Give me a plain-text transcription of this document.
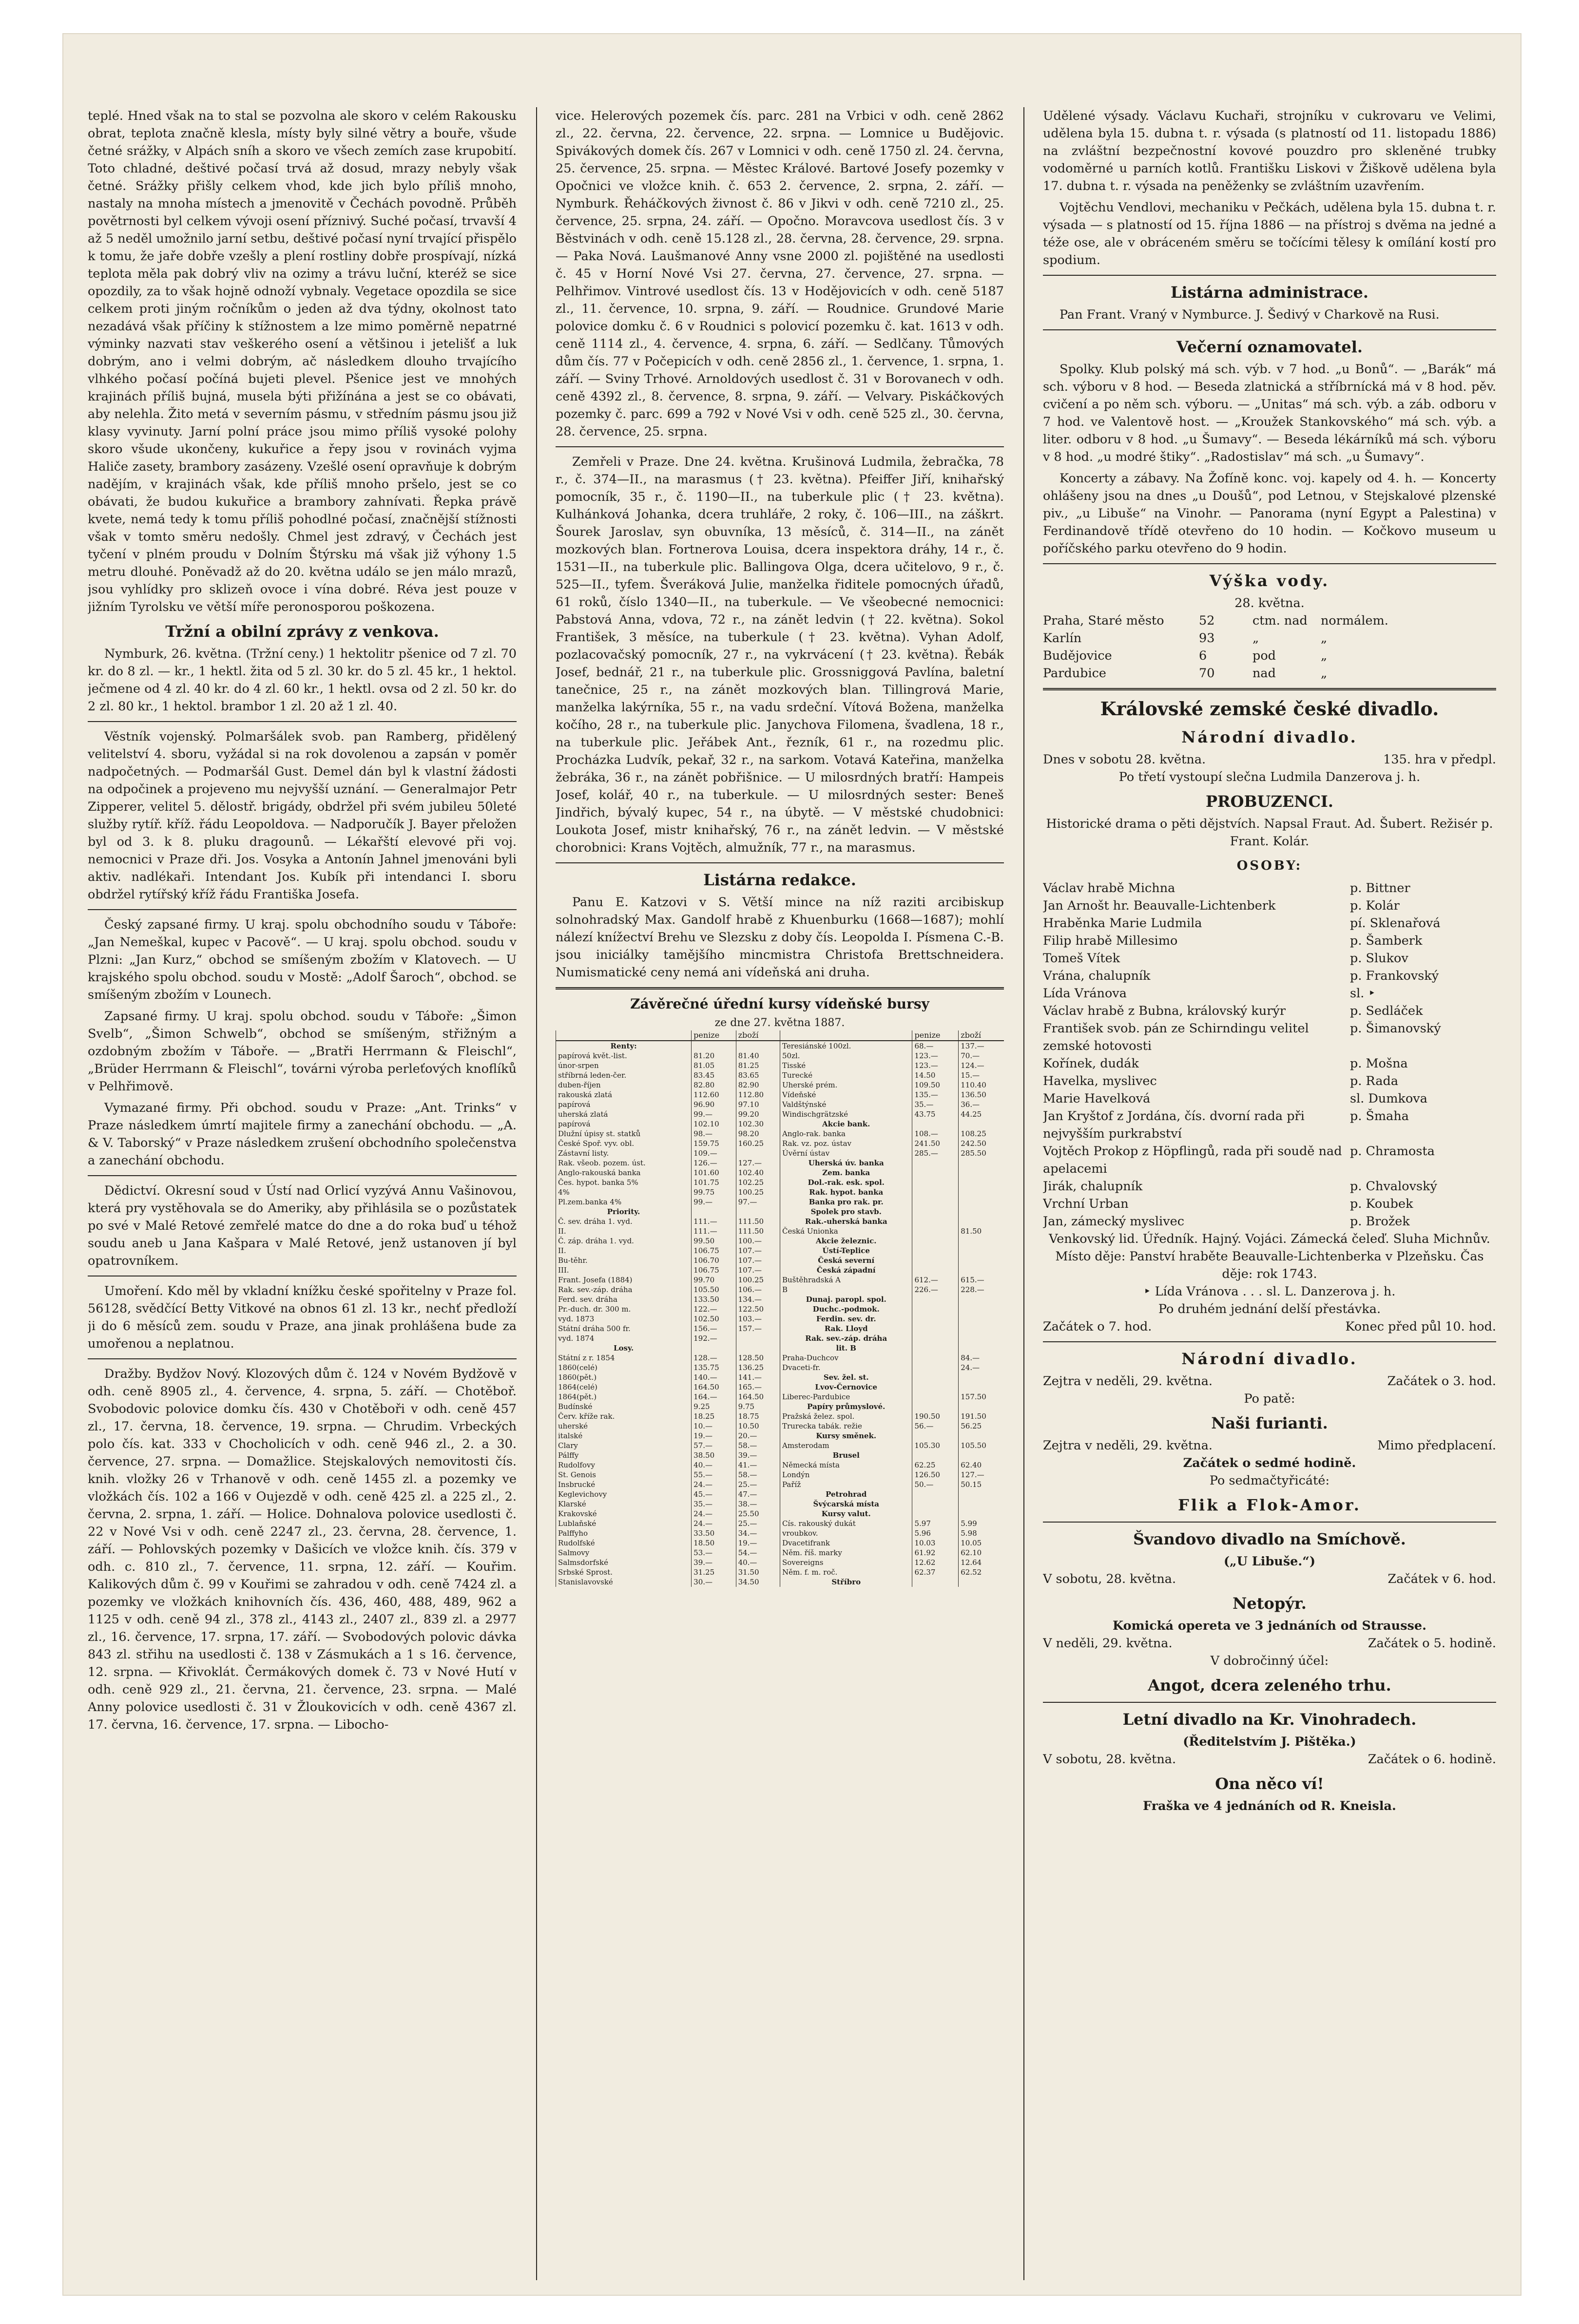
teplé. Hned však na to stal se pozvolna ale skoro v celém Rakousku obrat, teplota značně klesla, místy byly silné větry a bouře, všude četné srážky, v Alpách sníh a skoro ve všech zemích zase krupobití. Toto chladné, deštivé počasí trvá až dosud, mrazy nebyly však četné. Srážky přišly celkem vhod, kde jich bylo příliš mnoho, nastaly na mnoha místech a jmenovitě v Čechách povodně. Průběh povětrnosti byl celkem vývoji osení příznivý. Suché počasí, trvavší 4 až 5 neděl umožnilo jarní setbu, deštivé počasí nyní trvající přispělo k tomu, že jaře dobře vzešly a plení rostliny dobře prospívají, nízká teplota měla pak dobrý vliv na ozimy a trávu luční, kteréž se sice opozdily, za to však hojně odnoží vybnaly. Vegetace opozdila se sice celkem proti jiným ročníkům o jeden až dva týdny, okolnost tato nezadává však příčiny k stížnostem a lze mimo poměrně nepatrné výminky nazvati stav veškerého osení a většinou i jetelišť a luk dobrým, ano i velmi dobrým, ač následkem dlouho trvajícího vlhkého počasí počíná bujeti plevel. Pšenice jest ve mnohých krajinách příliš bujná, musela býti přižínána a jest se co obávati, aby nelehla. Žito metá v severním pásmu, v středním pásmu jsou již klasy vyvinuty. Jarní polní práce jsou mimo příliš vysoké polohy skoro všude ukončeny, kukuřice a řepy jsou v rovinách vyjma Haliče zasety, brambory zasázeny. Vzešlé osení opravňuje k dobrým nadějím, v krajinách však, kde příliš mnoho pršelo, jest se co obávati, že budou kukuřice a brambory zahnívati. Řepka právě kvete, nemá tedy k tomu příliš pohodlné počasí, značnější stížnosti však v tomto směru nedošly. Chmel jest zdravý, v Čechách jest tyčení v plném proudu v Dolním Štýrsku má však již výhony 1.5 metru dlouhé. Poněvadž až do 20. května událo se jen málo mrazů, jsou vyhlídky pro sklizeň ovoce i vína dobré. Réva jest pouze v jižním Tyrolsku ve větší míře peronosporou poškozena.

Tržní a obilní zprávy z venkova.

Nymburk, 26. května. (Tržní ceny.) 1 hektolitr pšenice od 7 zl. 70 kr. do 8 zl. — kr., 1 hektl. žita od 5 zl. 30 kr. do 5 zl. 45 kr., 1 hektol. ječmene od 4 zl. 40 kr. do 4 zl. 60 kr., 1 hektl. ovsa od 2 zl. 50 kr. do 2 zl. 80 kr., 1 hektol. brambor 1 zl. 20 až 1 zl. 40.

Věstník vojenský. Polmaršálek svob. pan Ramberg, přidělený velitelství 4. sboru, vyžádal si na rok dovolenou a zapsán v poměr nadpočetných. — Podmaršál Gust. Demel dán byl k vlastní žádosti na odpočinek a projeveno mu nejvyšší uznání. — Generalmajor Petr Zipperer, velitel 5. dělostř. brigády, obdržel při svém jubileu 50leté služby rytíř. kříž. řádu Leopoldova. — Nadporučík J. Bayer přeložen byl od 3. k 8. pluku dragounů. — Lékařští elevové při voj. nemocnici v Praze dři. Jos. Vosyka a Antonín Jahnel jmenováni byli aktiv. nadlékaři. Intendant Jos. Kubík při intendanci I. sboru obdržel rytířský kříž řádu Františka Josefa.

Český zapsané firmy. U kraj. spolu obchodního soudu v Táboře: „Jan Nemeškal, kupec v Pacově“. — U kraj. spolu obchod. soudu v Plzni: „Jan Kurz,“ obchod se smíšeným zbožím v Klatovech. — U krajského spolu obchod. soudu v Mostě: „Adolf Šaroch“, obchod. se smíšeným zbožím v Lounech.

Zapsané firmy. U kraj. spolu obchod. soudu v Táboře: „Šimon Svelb“, „Šimon Schwelb“, obchod se smíšeným, střižným a ozdobným zbožím v Táboře. — „Bratři Herrmann & Fleischl“, „Brüder Herrmann & Fleischl“, továrni výroba perleťových knoflíků v Pelhřimově.

Vymazané firmy. Při obchod. soudu v Praze: „Ant. Trinks“ v Praze následkem úmrtí majitele firmy a zanechání obchodu. — „A. & V. Taborský“ v Praze následkem zrušení obchodního společenstva a zanechání obchodu.

Dědictví. Okresní soud v Ústí nad Orlicí vyzývá Annu Vašinovou, která pry vystěhovala se do Ameriky, aby přihlásila se o pozůstatek po své v Malé Retové zemřelé matce do dne a do roka buď u téhož soudu aneb u Jana Kašpara v Malé Retové, jenž ustanoven jí byl opatrovníkem.

Umoření. Kdo měl by vkladní knížku české spořitelny v Praze fol. 56128, svědčící Betty Vitkové na obnos 61 zl. 13 kr., nechť předloží ji do 6 měsíců zem. soudu v Praze, ana jinak prohlášena bude za umořenou a neplatnou.

Dražby. Bydžov Nový. Klozových dům č. 124 v Novém Bydžově v odh. ceně 8905 zl., 4. července, 4. srpna, 5. září. — Chotěboř. Svobodovic polovice domku čís. 430 v Chotěboři v odh. ceně 457 zl., 17. června, 18. července, 19. srpna. — Chrudim. Vrbeckých polo čís. kat. 333 v Chocholicích v odh. ceně 946 zl., 2. a 30. července, 27. srpna. — Domažlice. Stejskalových nemovitosti čís. knih. vložky 26 v Trhanově v odh. ceně 1455 zl. a pozemky ve vložkách čís. 102 a 166 v Oujezdě v odh. ceně 425 zl. a 225 zl., 2. června, 2. srpna, 1. září. — Holice. Dohnalova polovice usedlosti č. 22 v Nové Vsi v odh. ceně 2247 zl., 23. června, 28. července, 1. září. — Pohlovských pozemky v Dašicích ve vložce knih. čís. 379 v odh. c. 810 zl., 7. července, 11. srpna, 12. září. — Kouřim. Kalikových dům č. 99 v Kouřimi se zahradou v odh. ceně 7424 zl. a pozemky ve vložkách knihovních čís. 436, 460, 488, 489, 962 a 1125 v odh. ceně 94 zl., 378 zl., 4143 zl., 2407 zl., 839 zl. a 2977 zl., 16. července, 17. srpna, 17. září. — Svobodových polovic dávka 843 zl. střihu na usedlosti č. 138 v Zásmukách a 1 s 16. července, 12. srpna. — Křivoklát. Čermákových domek č. 73 v Nové Hutí v odh. ceně 929 zl., 21. června, 21. července, 23. srpna. — Malé Anny polovice usedlosti č. 31 v Žloukovicích v odh. ceně 4367 zl. 17. června, 16. července, 17. srpna. — Libocho-

vice. Helerových pozemek čís. parc. 281 na Vrbici v odh. ceně 2862 zl., 22. června, 22. července, 22. srpna. — Lomnice u Budějovic. Spivákových domek čís. 267 v Lomnici v odh. ceně 1750 zl. 24. června, 25. července, 25. srpna. — Městec Králové. Bartové Josefy pozemky v Opočnici ve vložce knih. č. 653 2. července, 2. srpna, 2. září. — Nymburk. Řeháčkových živnost č. 86 v Jikvi v odh. ceně 7210 zl., 25. července, 25. srpna, 24. září. — Opočno. Moravcova usedlost čís. 3 v Běstvinách v odh. ceně 15.128 zl., 28. června, 28. července, 29. srpna. — Paka Nová. Laušmanové Anny vsne 2000 zl. pojištěné na usedlosti č. 45 v Horní Nové Vsi 27. června, 27. července, 27. srpna. — Pelhřimov. Vintrové usedlost čís. 13 v Hodějovicích v odh. ceně 5187 zl., 11. července, 10. srpna, 9. září. — Roudnice. Grundové Marie polovice domku č. 6 v Roudnici s polovicí pozemku č. kat. 1613 v odh. ceně 1114 zl., 4. července, 4. srpna, 6. září. — Sedlčany. Tůmových dům čís. 77 v Počepicích v odh. ceně 2856 zl., 1. července, 1. srpna, 1. září. — Sviny Trhové. Arnoldových usedlost č. 31 v Borovanech v odh. ceně 4392 zl., 8. července, 8. srpna, 9. září. — Velvary. Piskáčkových pozemky č. parc. 699 a 792 v Nové Vsi v odh. ceně 525 zl., 30. června, 28. července, 25. srpna.

Zemřeli v Praze. Dne 24. května. Krušinová Ludmila, žebračka, 78 r., č. 374—II., na marasmus († 23. května). Pfeiffer Jiří, knihařský pomocník, 35 r., č. 1190—II., na tuberkule plic († 23. května). Kulhánková Johanka, dcera truhláře, 2 roky, č. 106—III., na záškrt. Šourek Jaroslav, syn obuvníka, 13 měsíců, č. 314—II., na zánět mozkových blan. Fortnerova Louisa, dcera inspektora dráhy, 14 r., č. 1531—II., na tuberkule plic. Ballingova Olga, dcera učitelovo, 9 r., č. 525—II., tyfem. Šveráková Julie, manželka řiditele pomocných úřadů, 61 roků, číslo 1340—II., na tuberkule. — Ve všeobecné nemocnici: Pabstová Anna, vdova, 72 r., na zánět ledvin († 22. května). Sokol František, 3 měsíce, na tuberkule († 23. května). Vyhan Adolf, pozlacovačský pomocník, 27 r., na vykrvácení († 23. května). Řebák Josef, bednář, 21 r., na tuberkule plic. Grossniggová Pavlína, baletní tanečnice, 25 r., na zánět mozkových blan. Tillingrová Marie, manželka lakýrníka, 55 r., na vadu srdeční. Vítová Božena, manželka kočího, 28 r., na tuberkule plic. Janychova Filomena, švadlena, 18 r., na tuberkule plic. Jeřábek Ant., řezník, 61 r., na rozedmu plic. Procházka Ludvík, pekař, 32 r., na sarkom. Votavá Kateřina, manželka žebráka, 36 r., na zánět pobřišnice. — U milosrdných bratří: Hampeis Josef, kolář, 40 r., na tuberkule. — U milosrdných sester: Beneš Jindřich, bývalý kupec, 54 r., na úbytě. — V městské chudobnici: Loukota Josef, mistr knihařský, 76 r., na zánět ledvin. — V městské chorobnici: Krans Vojtěch, almužník, 77 r., na marasmus.

Listárna redakce.

Panu E. Katzovi v S. Větší mince na níž raziti arcibiskup solnohradský Max. Gandolf hrabě z Khuenburku (1668—1687); mohlí nálezí knížectví Brehu ve Slezsku z doby čís. Leopolda I. Písmena C.-B. jsou iniciálky tamějšího mincmistra Christofa Brettschneidera. Numismatické ceny nemá ani vídeňská ani druha.

Závěrečné úřední kursy vídeňské bursy
ze dne 27. května 1887.
	penize	zboží
Renty:		
papírová květ.-list.	81.20	81.40
únor-srpen	81.05	81.25
stříbrná leden-čer.	83.45	83.65
duben-říjen	82.80	82.90
rakouská zlatá	112.60	112.80
papírová	96.90	97.10
uherská zlatá	99.—	99.20
papírová	102.10	102.30
Dlužní úpisy st. statků	98.—	98.20
České Spoř. vyv. obl.	159.75	160.25
Zástavní listy.	109.—	
Rak. všeob. pozem. úst.	126.—	127.—
Anglo-rakouská banka	101.60	102.40
Čes. hypot. banka 5%	101.75	102.25
4%	99.75	100.25
Pl.zem.banka 4%	99.—	97.—
Priority.		
Č. sev. dráha 1. vyd.	111.—	111.50
II.	111.—	111.50
Č. záp. dráha 1. vyd.	99.50	100.—
II.	106.75	107.—
Bu-těhr.	106.70	107.—
III.	106.75	107.—
Frant. Josefa (1884)	99.70	100.25
Rak. sev.-záp. dráha	105.50	106.—
Ferd. sev. dráha	133.50	134.—
Pr.-duch. dr. 300 m.	122.—	122.50
vyd. 1873	102.50	103.—
Státní dráha 500 fr.	156.—	157.—
vyd. 1874	192.—	
Losy.		
Státní z r. 1854	128.—	128.50
1860(celé)	135.75	136.25
1860(pět.)	140.—	141.—
1864(celé)	164.50	165.—
1864(pět.)	164.—	164.50
Budínské	9.25	9.75
Červ. kříže rak.	18.25	18.75
uherské	10.—	10.50
italské	19.—	20.—
Clary	57.—	58.—
Pálffy	38.50	39.—
Rudolfovy	40.—	41.—
St. Genois	55.—	58.—
Insbrucké	24.—	25.—
Keglevichovy	45.—	47.—
Klarské	35.—	38.—
Krakovské	24.—	25.50
Lublaňské	24.—	25.—
Palffyho	33.50	34.—
Rudolfské	18.50	19.—
Salmovy	53.—	54.—
Salmsdorfské	39.—	40.—
Srbské Sprost.	31.25	31.50
Stanislavovské	30.—	34.50
	penize	zboží
Teresiánské 100zl.	68.—	137.—
50zl.	123.—	70.—
Tisské	123.—	124.—
Turecké	14.50	15.—
Uherské prém.	109.50	110.40
Vídeňské	135.—	136.50
Valdštýnské	35.—	36.—
Windischgrätzské	43.75	44.25
Akcie bank.		
Anglo-rak. banka	108.—	108.25
Rak. vz. poz. ústav	241.50	242.50
Úvěrní ústav	285.—	285.50
Uherská úv. banka		
Zem. banka		
Dol.-rak. esk. spol.		
Rak. hypot. banka		
Banka pro rak. pr.		
Spolek pro stavb.		
Rak.-uherská banka		
Česká Unionka		81.50
Akcie železnic.		
Ústí-Teplice		
Česká severní		
Česká západní		
Buštěhradská A	612.—	615.—
B	226.—	228.—
Dunaj. paropl. spol.		
Duchc.-podmok.		
Ferdin. sev. dr.		
Rak. Lloyd		
Rak. sev.-záp. dráha		
lit. B		
Praha-Duchcov		84.—
Dvaceti-fr.		24.—
Sev. žel. st.		
Lvov-Černovice		
Liberec-Pardubice		157.50
Papíry průmyslové.		
Pražská želez. spol.	190.50	191.50
Trurecka tabák. režie	56.—	56.25
Kursy směnek.		
Amsterodam	105.30	105.50
Brusel		
Německá místa	62.25	62.40
Londýn	126.50	127.—
Paříž	50.—	50.15
Petrohrad		
Švýcarská místa		
Kursy valut.		
Cís. rakouský dukát	5.97	5.99
vroubkov.	5.96	5.98
Dvacetifrank	10.03	10.05
Něm. říš. marky	61.92	62.10
Sovereigns	12.62	12.64
Něm. f. m. roč.	62.37	62.52
Stříbro		

Udělené výsady. Václavu Kuchaři, strojníku v cukrovaru ve Velimi, udělena byla 15. dubna t. r. výsada (s platností od 11. listopadu 1886) na zvláštní bezpečnostní kovové pouzdro pro skleněné trubky vodoměrné u parních kotlů. Františku Liskovi v Žiškově udělena byla 17. dubna t. r. výsada na peněženky se zvláštním uzavřením.

Vojtěchu Vendlovi, mechaniku v Pečkách, udělena byla 15. dubna t. r. výsada — s platností od 15. října 1886 — na přístroj s dvěma na jedné a téže ose, ale v obráceném směru se točícími tělesy k omílání kostí pro spodium.

Listárna administrace.

Pan Frant. Vraný v Nymburce. J. Šedivý v Charkově na Rusi.

Večerní oznamovatel.

Spolky. Klub polský má sch. výb. v 7 hod. „u Bonů“. — „Barák“ má sch. výboru v 8 hod. — Beseda zlatnická a stříbrnícká má v 8 hod. pěv. cvičení a po něm sch. výboru. — „Unitas“ má sch. výb. a záb. odboru v 7 hod. ve Valentově host. — „Kroužek Stankovského“ má sch. výb. a liter. odboru v 8 hod. „u Šumavy“. — Beseda lékárníků má sch. výboru v 8 hod. „u modré štiky“. „Radostislav“ má sch. „u Šumavy“.

Koncerty a zábavy. Na Žofíně konc. voj. kapely od 4. h. — Koncerty ohlášeny jsou na dnes „u Doušů“, pod Letnou, v Stejskalové plzenské piv., „u Libuše“ na Vinohr. — Panorama (nyní Egypt a Palestina) v Ferdinandově třídě otevřeno do 10 hodin. — Kočkovo museum u poříčského parku otevřeno do 9 hodin.

Výška vody.
28. května.
Praha, Staré město	52	ctm. nad	normálem.
Karlín	93	„	„
Budějovice	6	pod	„
Pardubice	70	nad	„
Královské zemské české divadlo.
Národní divadlo.
Dnes v sobotu 28. května.	135. hra v předpl.
Po třetí vystoupí slečna Ludmila Danzerova j. h.
PROBUZENCI.
Historické drama o pěti dějstvích. Napsal Fraut. Ad. Šubert. Režisér p. Frant. Kolár.
OSOBY:
Václav hrabě Michna	p. Bittner
Jan Arnošt hr. Beauvalle-Lichtenberk	p. Kolár
Hraběnka Marie Ludmila	pí. Sklenařová
Filip hrabě Millesimo	p. Šamberk
Tomeš Vítek	p. Slukov
Vrána, chalupník	p. Frankovský
Lída Vránova	sl. ‣
Václav hrabě z Bubna, královský kurýr	p. Sedláček
František svob. pán ze Schirndingu velitel zemské hotovosti
p. Šimanovský
Kořínek, dudák	p. Mošna
Havelka, myslivec	p. Rada
Marie Havelková	sl. Dumkova
Jan Kryštof z Jordána, čís. dvorní rada při nejvyšším purkrabství
p. Šmaha
Vojtěch Prokop z Höpflingů, rada při soudě nad apelacemi
p. Chramosta
Jirák, chalupník	p. Chvalovský
Vrchní Urban	p. Koubek
Jan, zámecký myslivec	p. Brožek
Venkovský lid. Úředník. Hajný. Vojáci. Zámecká čeleď. Sluha Michnův.
Místo děje: Panství hraběte Beauvalle-Lichtenberka v Plzeňsku. Čas děje: rok 1743.
‣ Lída Vránova . . . sl. L. Danzerova j. h.
Po druhém jednání delší přestávka.
Začátek o 7. hod.	Konec před půl 10. hod.
Národní divadlo.
Zejtra v neděli, 29. května.	Začátek o 3. hod.
Po patě:
Naši furianti.
Zejtra v neděli, 29. května.	Mimo předplacení.
Začátek o sedmé hodině.
Po sedmačtyřicáté:
Flik a Flok-Amor.
Švandovo divadlo na Smíchově.
(„U Libuše.“)
V sobotu, 28. května.	Začátek v 6. hod.
Netopýr.
Komická opereta ve 3 jednáních od Strausse.
V neděli, 29. května.	Začátek o 5. hodině.
V dobročinný účel:
Angot, dcera zeleného trhu.
Letní divadlo na Kr. Vinohradech.
(Ředitelstvím J. Pištěka.)
V sobotu, 28. května.	Začátek o 6. hodině.
Ona něco ví!
Fraška ve 4 jednáních od R. Kneisla.
